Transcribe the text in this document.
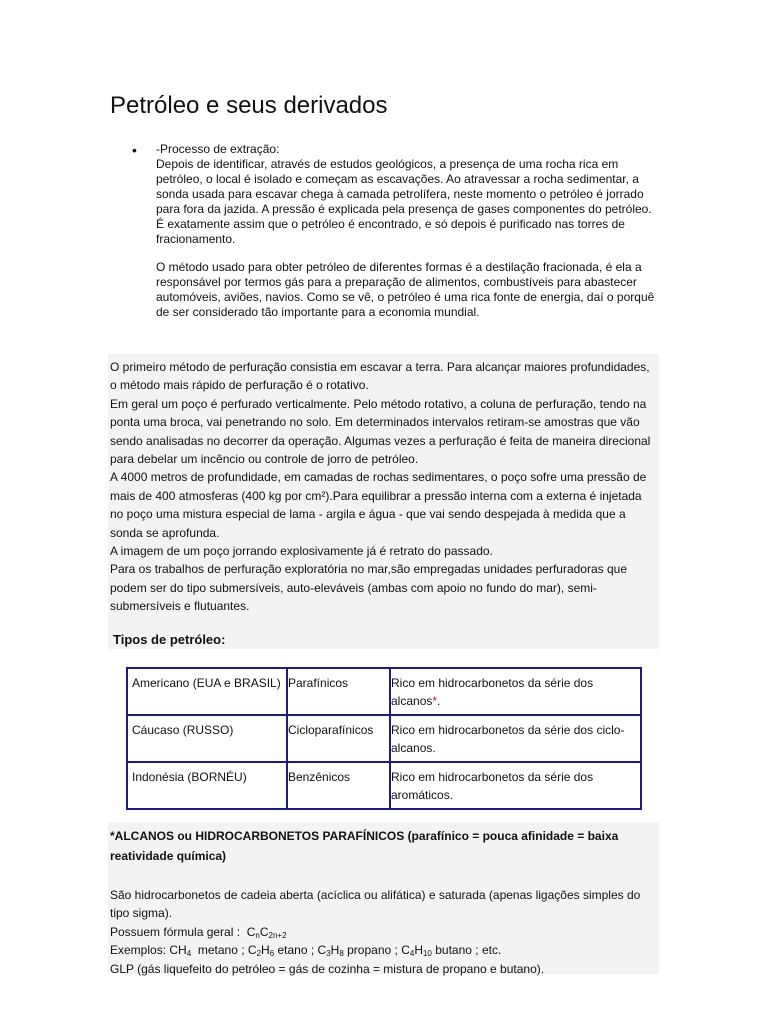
Petróleo e seus derivados
• -Processo de extração:
Depois de identificar, através de estudos geológicos, a presença de uma rocha rica em petróleo, o local é isolado e começam as escavações. Ao atravessar a rocha sedimentar, a sonda usada para escavar chega à camada petrolífera, neste momento o petróleo é jorrado para fora da jazida. A pressão é explicada pela presença de gases componentes do petróleo.
É exatamente assim que o petróleo é encontrado, e só depois é purificado nas torres de fracionamento.

O método usado para obter petróleo de diferentes formas é a destilação fracionada, é ela a responsável por termos gás para a preparação de alimentos, combustíveis para abastecer automóveis, aviões, navios. Como se vê, o petróleo é uma rica fonte de energia, daí o porquê de ser considerado tão importante para a economia mundial.

O primeiro método de perfuração consistia em escavar a terra. Para alcançar maiores profundidades, o método mais rápido de perfuração é o rotativo.
Em geral um poço é perfurado verticalmente. Pelo método rotativo, a coluna de perfuração, tendo na ponta uma broca, vai penetrando no solo. Em determinados intervalos retiram-se amostras que vão sendo analisadas no decorrer da operação. Algumas vezes a perfuração é feita de maneira direcional para debelar um incêncio ou controle de jorro de petróleo.
A 4000 metros de profundidade, em camadas de rochas sedimentares, o poço sofre uma pressão de mais de 400 atmosferas (400 kg por cm²).Para equilibrar a pressão interna com a externa é injetada no poço uma mistura especial de lama - argila e água - que vai sendo despejada à medida que a sonda se aprofunda.
A imagem de um poço jorrando explosivamente já é retrato do passado.
Para os trabalhos de perfuração exploratória no mar,são empregadas unidades perfuradoras que podem ser do tipo submersíveis, auto-eleváveis (ambas com apoio no fundo do mar), semi-submersíveis e flutuantes.
Tipos de petróleo:
Americano (EUA e BRASIL)	Parafínicos	Rico em hidrocarbonetos da série dos alcanos*.
Cáucaso (RUSSO)	Cicloparafínicos	Rico em hidrocarbonetos da série dos ciclo-alcanos.
Indonésia (BORNÉU)	Benzênicos	Rico em hidrocarbonetos da série dos aromáticos.
*ALCANOS ou HIDROCARBONETOS PARAFÍNICOS (parafínico = pouca afinidade = baixa reatividade química)
São hidrocarbonetos de cadeia aberta (acíclica ou alifática) e saturada (apenas ligações simples do tipo sigma).
Possuem fórmula geral : $C_nC_{2n+2}$
Exemplos: $CH_4$ metano ; $C_2H_6$ etano ; $C_3H_8$ propano ; $C_4H_{10}$ butano ; etc.
GLP (gás liquefeito do petróleo = gás de cozinha = mistura de propano e butano).
